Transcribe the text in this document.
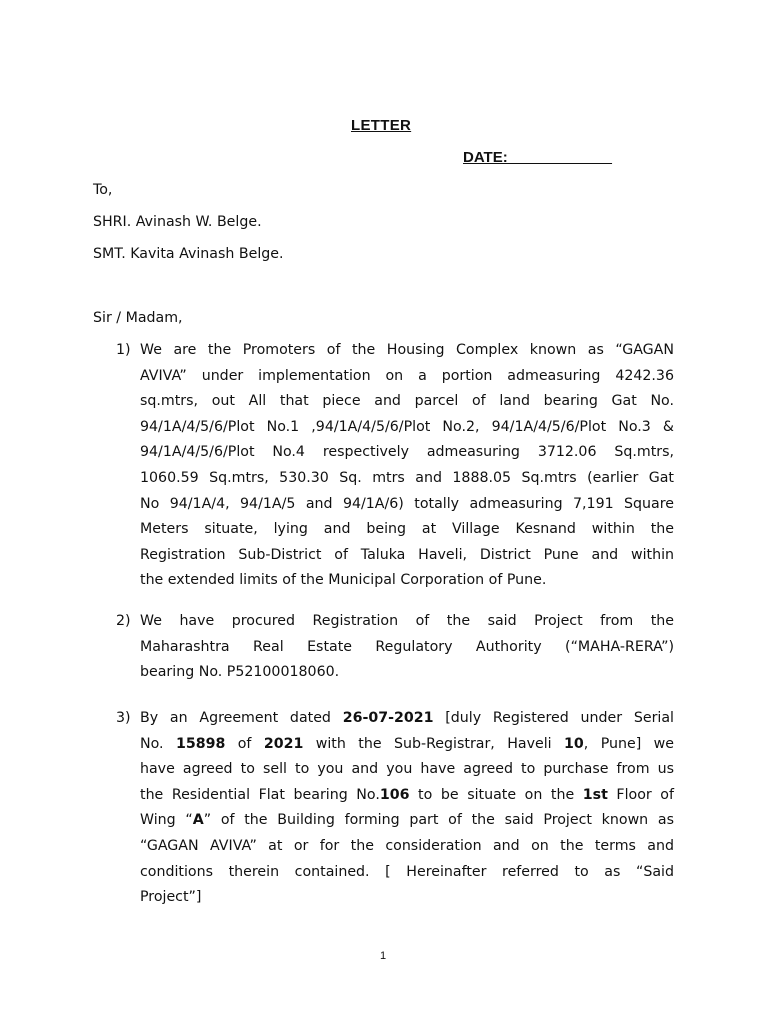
LETTER
DATE: ____________
To,
SHRI. Avinash W. Belge.
SMT. Kavita Avinash Belge.
Sir / Madam,
1) We are the Promoters of the Housing Complex known as “GAGAN
AVIVA” under implementation on a portion admeasuring 4242.36
sq.mtrs, out All that piece and parcel of land bearing Gat No.
94/1A/4/5/6/Plot No.1 ,94/1A/4/5/6/Plot No.2, 94/1A/4/5/6/Plot No.3 &
94/1A/4/5/6/Plot No.4 respectively admeasuring 3712.06 Sq.mtrs,
1060.59 Sq.mtrs, 530.30 Sq. mtrs and 1888.05 Sq.mtrs (earlier Gat
No 94/1A/4, 94/1A/5 and 94/1A/6) totally admeasuring 7,191 Square
Meters situate, lying and being at Village Kesnand within the
Registration Sub-District of Taluka Haveli, District Pune and within
the extended limits of the Municipal Corporation of Pune.
2) We have procured Registration of the said Project from the
Maharashtra Real Estate Regulatory Authority (“MAHA-RERA”)
bearing No. P52100018060.
3) By an Agreement dated 26-07-2021 [duly Registered under Serial
No. 15898 of 2021 with the Sub-Registrar, Haveli 10, Pune] we
have agreed to sell to you and you have agreed to purchase from us
the Residential Flat bearing No.106 to be situate on the 1st Floor of
Wing “A” of the Building forming part of the said Project known as
“GAGAN AVIVA” at or for the consideration and on the terms and
conditions therein contained. [ Hereinafter referred to as “Said
Project”]
1
